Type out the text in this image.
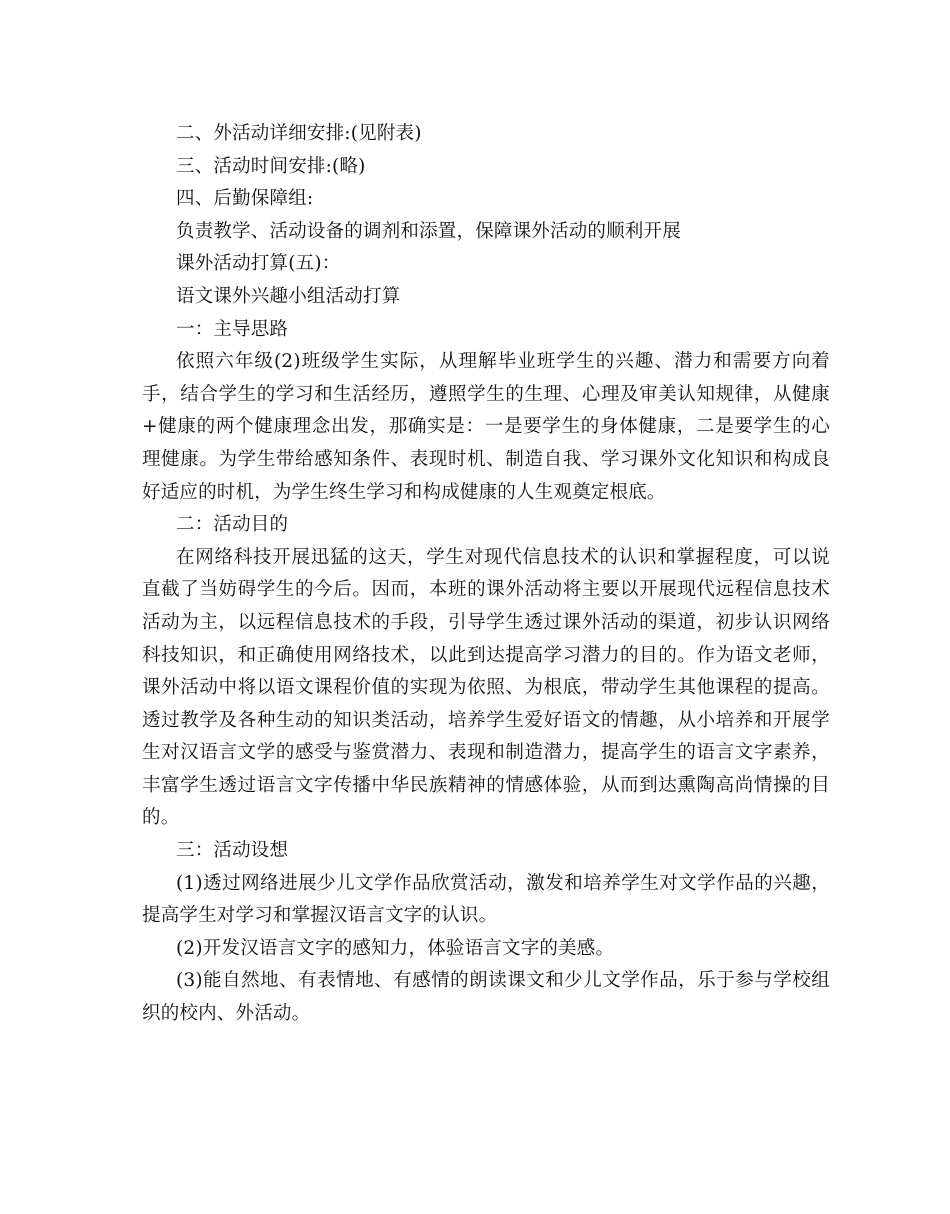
二、外活动详细安排:(见附表)

三、活动时间安排:(略)

四、后勤保障组:

负责教学、活动设备的调剂和添置，保障课外活动的顺利开展

课外活动打算(五)：

语文课外兴趣小组活动打算

一：主导思路

依照六年级(2)班级学生实际，从理解毕业班学生的兴趣、潜力和需要方向着手，结合学生的学习和生活经历，遵照学生的生理、心理及审美认知规律，从健康+健康的两个健康理念出发，那确实是：一是要学生的身体健康，二是要学生的心理健康。为学生带给感知条件、表现时机、制造自我、学习课外文化知识和构成良好适应的时机，为学生终生学习和构成健康的人生观奠定根底。

二：活动目的

在网络科技开展迅猛的这天，学生对现代信息技术的认识和掌握程度，可以说直截了当妨碍学生的今后。因而，本班的课外活动将主要以开展现代远程信息技术活动为主，以远程信息技术的手段，引导学生透过课外活动的渠道，初步认识网络科技知识，和正确使用网络技术，以此到达提高学习潜力的目的。作为语文老师，课外活动中将以语文课程价值的实现为依照、为根底，带动学生其他课程的提高。透过教学及各种生动的知识类活动，培养学生爱好语文的情趣，从小培养和开展学生对汉语言文学的感受与鉴赏潜力、表现和制造潜力，提高学生的语言文字素养，丰富学生透过语言文字传播中华民族精神的情感体验，从而到达熏陶高尚情操的目的。

三：活动设想

(1)透过网络进展少儿文学作品欣赏活动，激发和培养学生对文学作品的兴趣，提高学生对学习和掌握汉语言文字的认识。

(2)开发汉语言文字的感知力，体验语言文字的美感。

(3)能自然地、有表情地、有感情的朗读课文和少儿文学作品，乐于参与学校组织的校内、外活动。
